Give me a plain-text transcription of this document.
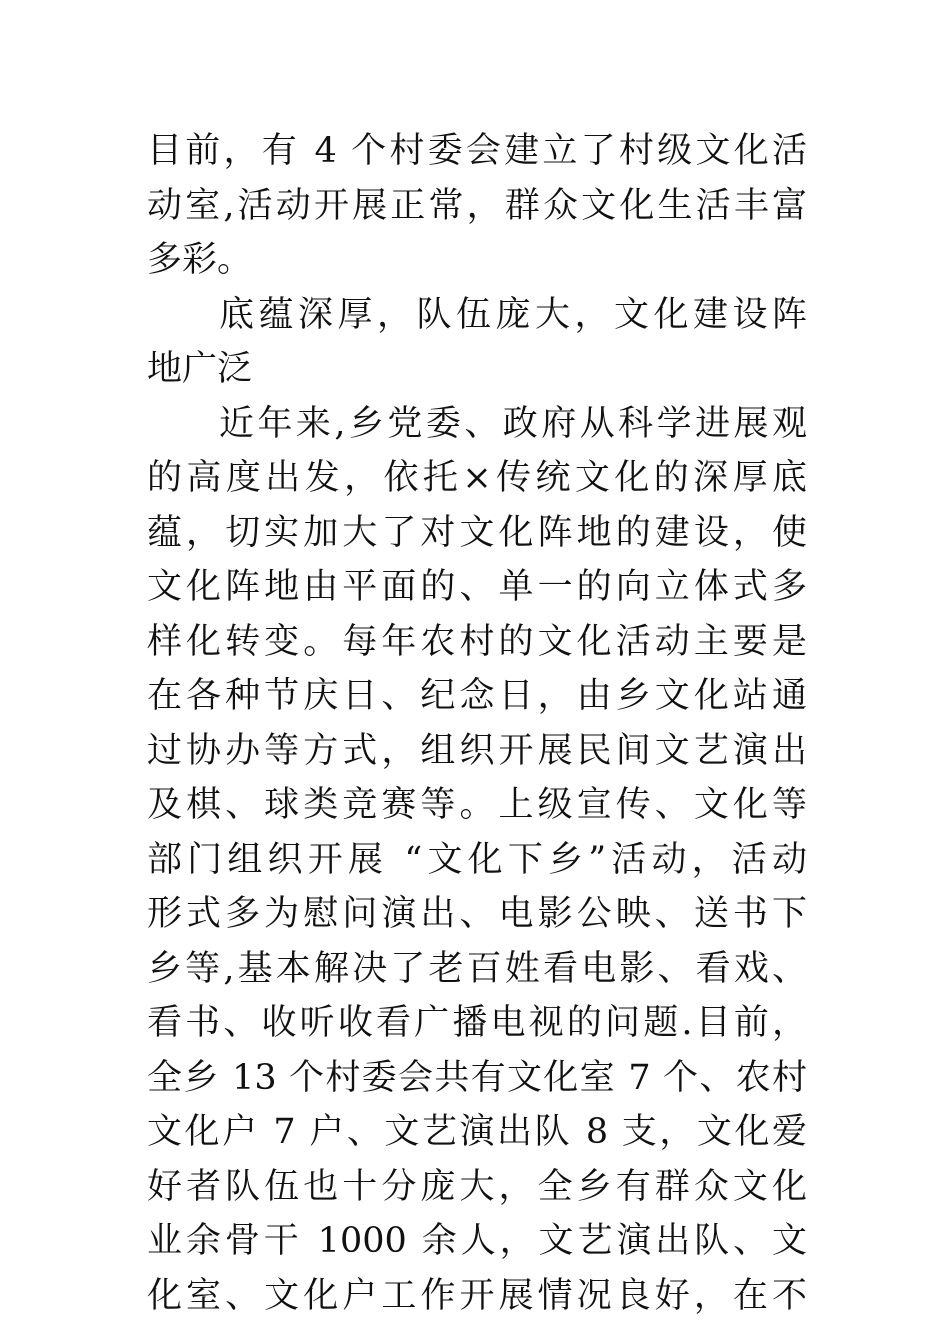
目前，有 4 个村委会建立了村级文化活
动室,活动开展正常，群众文化生活丰富
多彩。
底蕴深厚，队伍庞大，文化建设阵
地广泛
近年来,乡党委、政府从科学进展观
的高度出发，依托×传统文化的深厚底
蕴，切实加大了对文化阵地的建设，使
文化阵地由平面的、单一的向立体式多
样化转变。每年农村的文化活动主要是
在各种节庆日、纪念日，由乡文化站通
过协办等方式，组织开展民间文艺演出
及棋、球类竞赛等。上级宣传、文化等
部门组织开展 “文化下乡”活动，活动
形式多为慰问演出、电影公映、送书下
乡等,基本解决了老百姓看电影、看戏、
看书、收听收看广播电视的问题.目前，
全乡 13 个村委会共有文化室 7 个、农村
文化户 7 户、文艺演出队 8 支，文化爱
好者队伍也十分庞大，全乡有群众文化
业余骨干 1000 余人，文艺演出队、文
化室、文化户工作开展情况良好，在不
